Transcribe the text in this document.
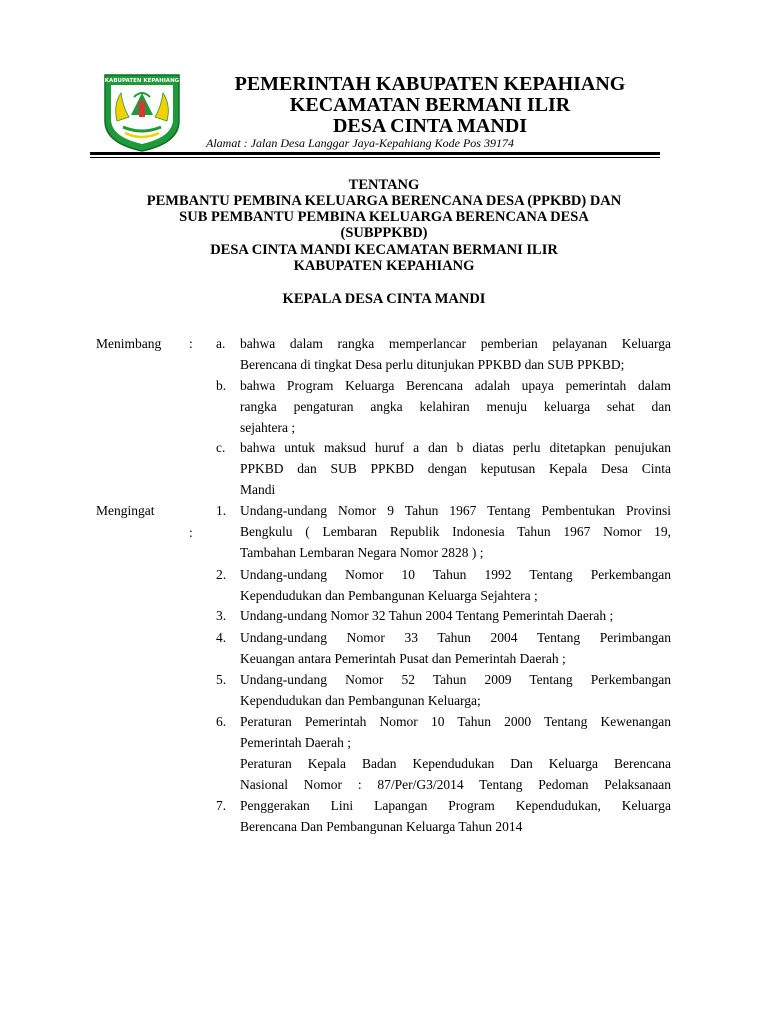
KABUPATEN KEPAHIANG	PEMERINTAH KABUPATEN KEPAHIANG
KECAMATAN BERMANI ILIR
DESA CINTA MANDI
Alamat : Jalan Desa Langgar Jaya-Kepahiang Kode Pos 39174
TENTANG
PEMBANTU PEMBINA KELUARGA BERENCANA DESA (PPKBD) DAN
SUB PEMBANTU PEMBINA KELUARGA BERENCANA DESA
(SUBPPKBD)
DESA CINTA MANDI KECAMATAN BERMANI ILIR
KABUPATEN KEPAHIANG
KEPALA DESA CINTA MANDI
Menimbang : a.	bahwa dalam rangka memperlancar pemberian pelayanan Keluarga
Berencana di tingkat Desa perlu ditunjukan PPKBD dan SUB PPKBD;
b.	bahwa Program Keluarga Berencana adalah upaya pemerintah dalam
rangka pengaturan angka kelahiran menuju keluarga sehat dan
sejahtera ;
c.	bahwa untuk maksud huruf a dan b diatas perlu ditetapkan penujukan
PPKBD dan SUB PPKBD dengan keputusan Kepala Desa Cinta
Mandi
Mengingat
:
1.	Undang-undang Nomor 9 Tahun 1967 Tentang Pembentukan Provinsi
Bengkulu ( Lembaran Republik Indonesia Tahun 1967 Nomor 19,
Tambahan Lembaran Negara Nomor 2828 ) ;
2.	Undang-undang Nomor 10 Tahun 1992 Tentang Perkembangan
Kependudukan dan Pembangunan Keluarga Sejahtera ;
3.	Undang-undang Nomor 32 Tahun 2004 Tentang Pemerintah Daerah ;
4.	Undang-undang Nomor 33 Tahun 2004 Tentang Perimbangan
Keuangan antara Pemerintah Pusat dan Pemerintah Daerah ;
5.	Undang-undang Nomor 52 Tahun 2009 Tentang Perkembangan
Kependudukan dan Pembangunan Keluarga;
6.	Peraturan Pemerintah Nomor 10 Tahun 2000 Tentang Kewenangan
Pemerintah Daerah ;
Peraturan Kepala Badan Kependudukan Dan Keluarga Berencana
Nasional Nomor : 87/Per/G3/2014 Tentang Pedoman Pelaksanaan
7.	Penggerakan Lini Lapangan Program Kependudukan, Keluarga
Berencana Dan Pembangunan Keluarga Tahun 2014
